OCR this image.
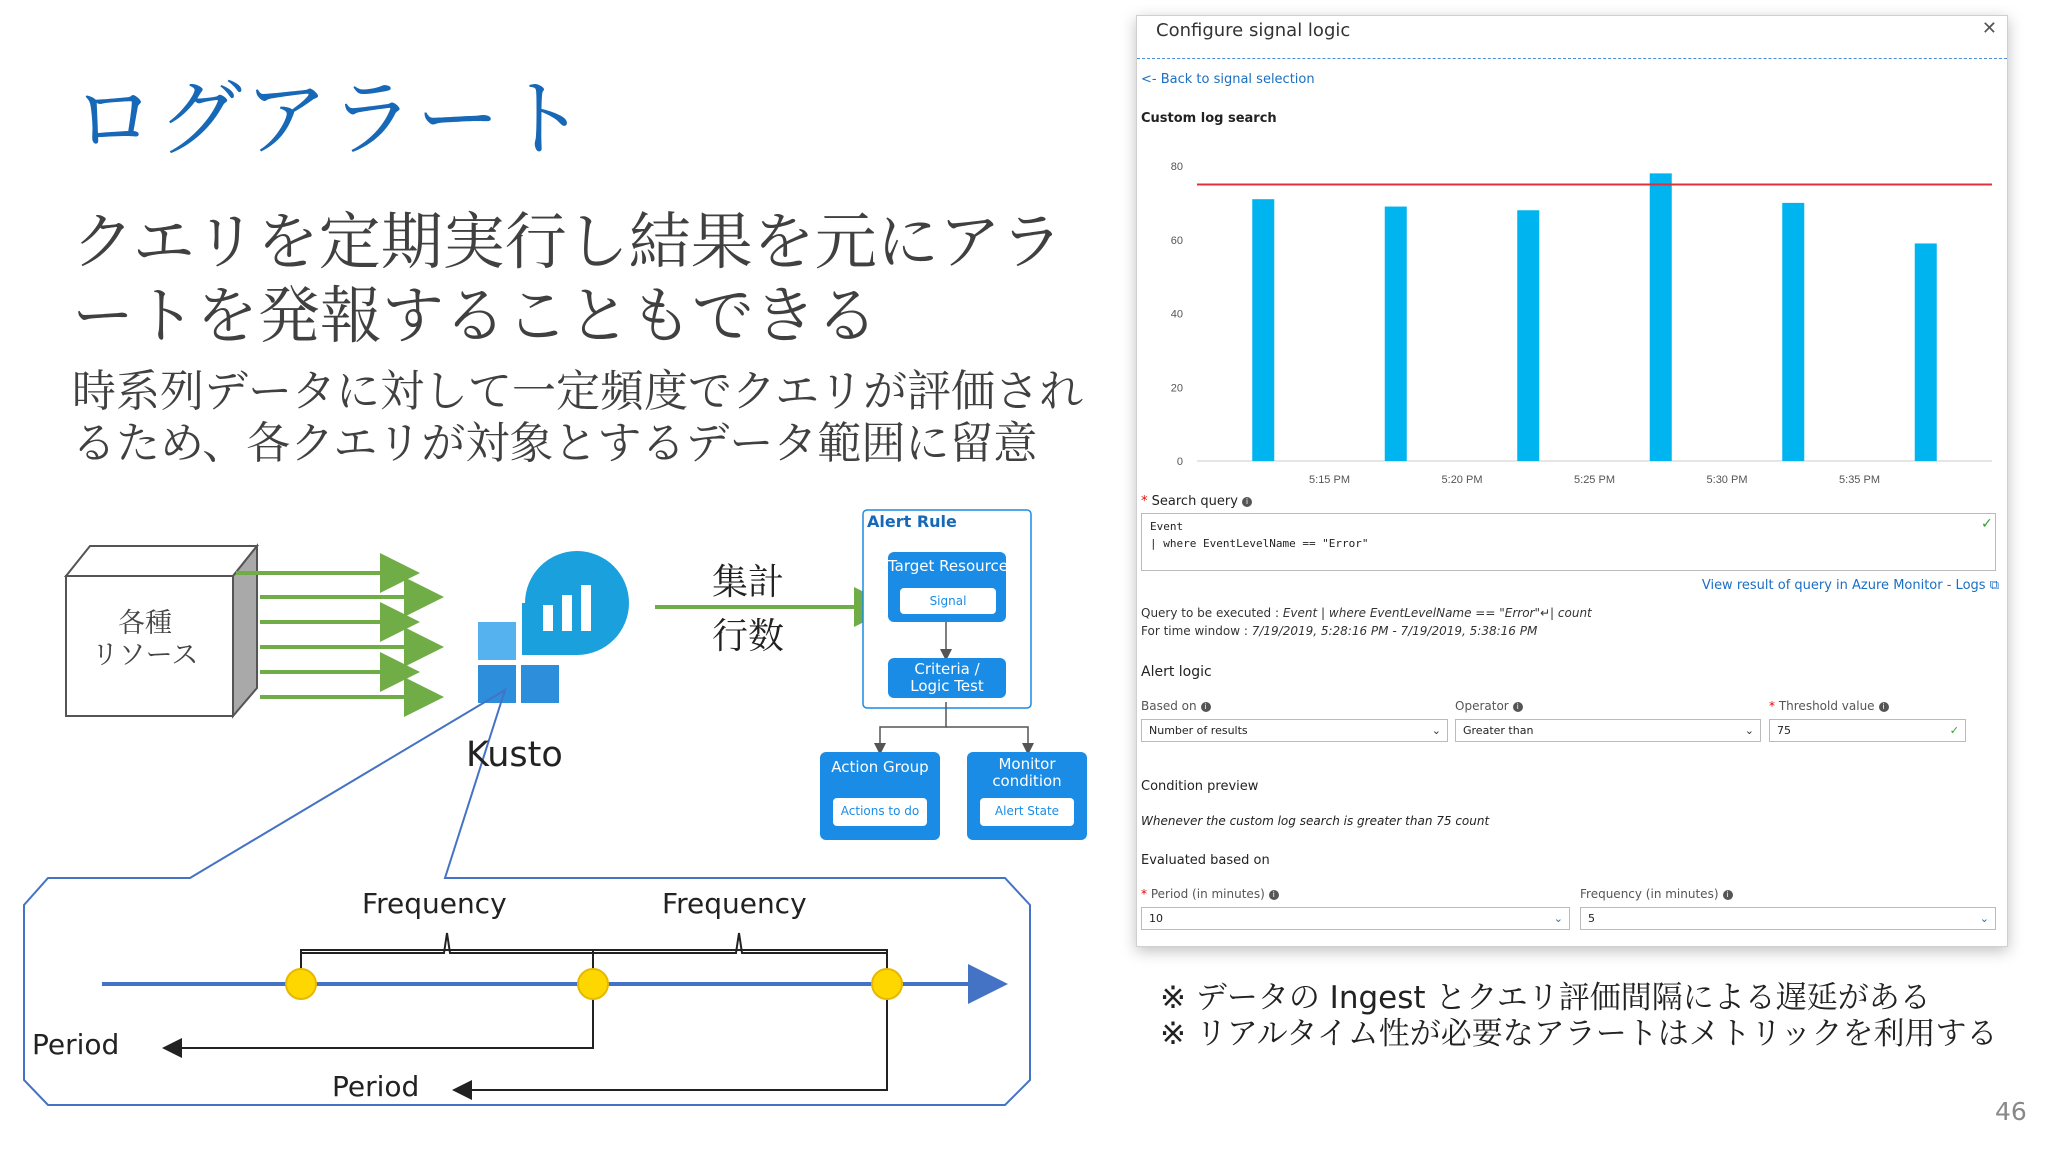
ログアラート
クエリを定期実行し結果を元にアラートを発報することもできる
時系列データに対して一定頻度でクエリが評価されるため、各クエリが対象とするデータ範囲に留意
各種
リソース
Kusto
集計
行数
Alert Rule
Target Resource
Signal
Criteria /
Logic Test
Action Group
Actions to do
Monitor
condition
Alert State
Frequency	Frequency
Period
Period
Configure signal logic	✕
<- Back to signal selection
Custom log search
0
20
40
60
80
5:15 PM	5:20 PM	5:25 PM	5:30 PM	5:35 PM
* Search query i
Event
| where EventLevelName == "Error"
✓
View result of query in Azure Monitor - Logs ⧉
Query to be executed : Event | where EventLevelName == "Error"↵| count
For time window : 7/19/2019, 5:28:16 PM - 7/19/2019, 5:38:16 PM
Alert logic
Based on i
Number of results	⌄
Operator i
Greater than	⌄
* Threshold value i
75	✓
Condition preview
Whenever the custom log search is greater than 75 count
Evaluated based on
* Period (in minutes) i
10	⌄
Frequency (in minutes) i
5	⌄
※ データの Ingest とクエリ評価間隔による遅延がある
※ リアルタイム性が必要なアラートはメトリックを利用する
46
